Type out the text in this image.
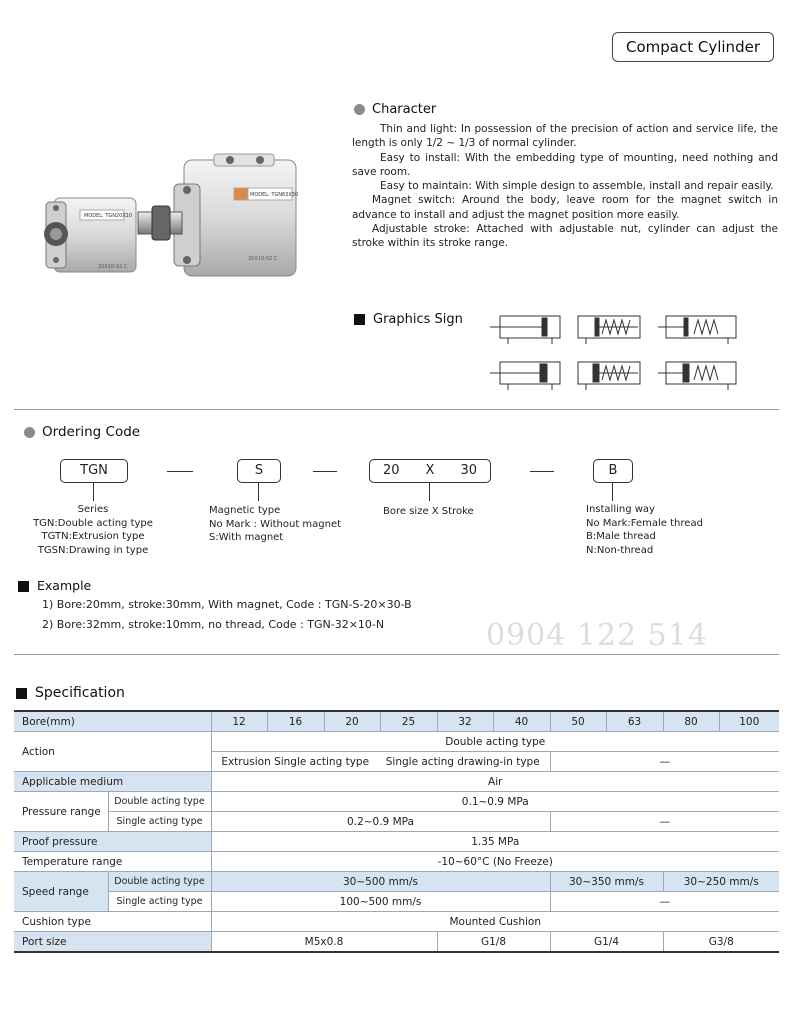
Compact Cylinder
MODEL: TGN20X10
20X10-S2 C
MODEL: TGN63X30
20X10-S2 C
Character

Thin and light: In possession of the precision of action and service life, the length is only 1/2 ~ 1/3 of normal cylinder.

Easy to install: With the embedding type of mounting, need nothing and save room.

Easy to maintain: With simple design to assemble, install and repair easily.

Magnet switch: Around the body, leave room for the magnet switch in advance to install and adjust the magnet position more easily.

Adjustable stroke: Attached with adjustable nut, cylinder can adjust the stroke within its stroke range.

Graphics Sign
Ordering Code
TGN	S	20 X 30	B
Series
TGN:Double acting type
TGTN:Extrusion type
TGSN:Drawing in type
Magnetic type
No Mark : Without magnet
S:With magnet
Bore size X Stroke	Installing way
No Mark:Female thread
B:Male thread
N:Non-thread
Example
1) Bore:20mm, stroke:30mm, With magnet, Code : TGN-S-20×30-B
2) Bore:32mm, stroke:10mm, no thread, Code : TGN-32×10-N	0904 122 514
Specification
Bore(mm)		12	16	20	25	32	40	50	63	80	100
Action		Double acting type									
		Extrusion Single acting type Single acting drawing-in type						—			
Applicable medium		Air									
Pressure range	Double acting type	0.1~0.9 MPa									
	Single acting type	0.2~0.9 MPa						—			
Proof pressure		1.35 MPa									
Temperature range		-10~60°C (No Freeze)									
Speed range	Double acting type	30~500 mm/s						30~350 mm/s		30~250 mm/s	
	Single acting type	100~500 mm/s						—			
Cushion type		Mounted Cushion									
Port size		M5x0.8				G1/8		G1/4		G3/8	
